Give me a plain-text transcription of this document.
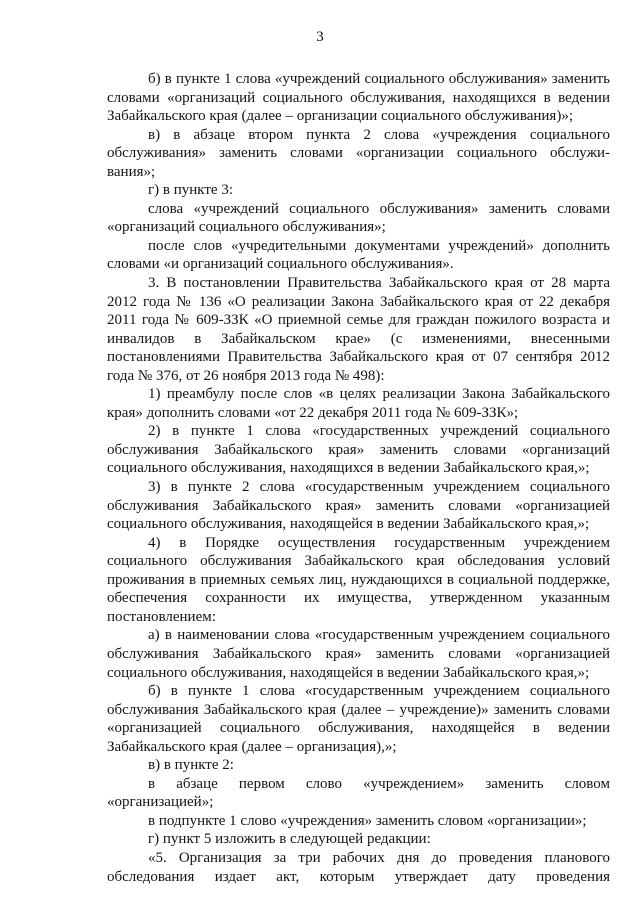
3

б) в пункте 1 слова «учреждений социального обслуживания» заменить словами «организаций социального обслуживания, находящихся в ведении Забайкальского края (далее – организации социального обслуживания)»;

в) в абзаце втором пункта 2 слова «учреждения социального обслуживания» заменить словами «организации социального обслужи-вания»;

г) в пункте 3:

слова «учреждений социального обслуживания» заменить словами «организаций социального обслуживания»;

после слов «учредительными документами учреждений» дополнить словами «и организаций социального обслуживания».

3. В постановлении Правительства Забайкальского края от 28 марта 2012 года № 136 «О реализации Закона Забайкальского края от 22 декабря 2011 года № 609-ЗЗК «О приемной семье для граждан пожилого возраста и инвалидов в Забайкальском крае» (с изменениями, внесенными постановлениями Правительства Забайкальского края от 07 сентября 2012 года № 376, от 26 ноября 2013 года № 498):

1) преамбулу после слов «в целях реализации Закона Забайкальского края» дополнить словами «от 22 декабря 2011 года № 609-ЗЗК»;

2) в пункте 1 слова «государственных учреждений социального обслуживания Забайкальского края» заменить словами «организаций социального обслуживания, находящихся в ведении Забайкальского края,»;

3) в пункте 2 слова «государственным учреждением социального обслуживания Забайкальского края» заменить словами «организацией социального обслуживания, находящейся в ведении Забайкальского края,»;

4) в Порядке осуществления государственным учреждением социального обслуживания Забайкальского края обследования условий проживания в приемных семьях лиц, нуждающихся в социальной поддержке, обеспечения сохранности их имущества, утвержденном указанным постановлением:

а) в наименовании слова «государственным учреждением социального обслуживания Забайкальского края» заменить словами «организацией социального обслуживания, находящейся в ведении Забайкальского края,»;

б) в пункте 1 слова «государственным учреждением социального обслуживания Забайкальского края (далее – учреждение)» заменить словами «организацией социального обслуживания, находящейся в ведении Забайкальского края (далее – организация),»;

в) в пункте 2:

в абзаце первом слово «учреждением» заменить словом «организацией»;

в подпункте 1 слово «учреждения» заменить словом «организации»;

г) пункт 5 изложить в следующей редакции:

«5. Организация за три рабочих дня до проведения планового обследования издает акт, которым утверждает дату проведения
